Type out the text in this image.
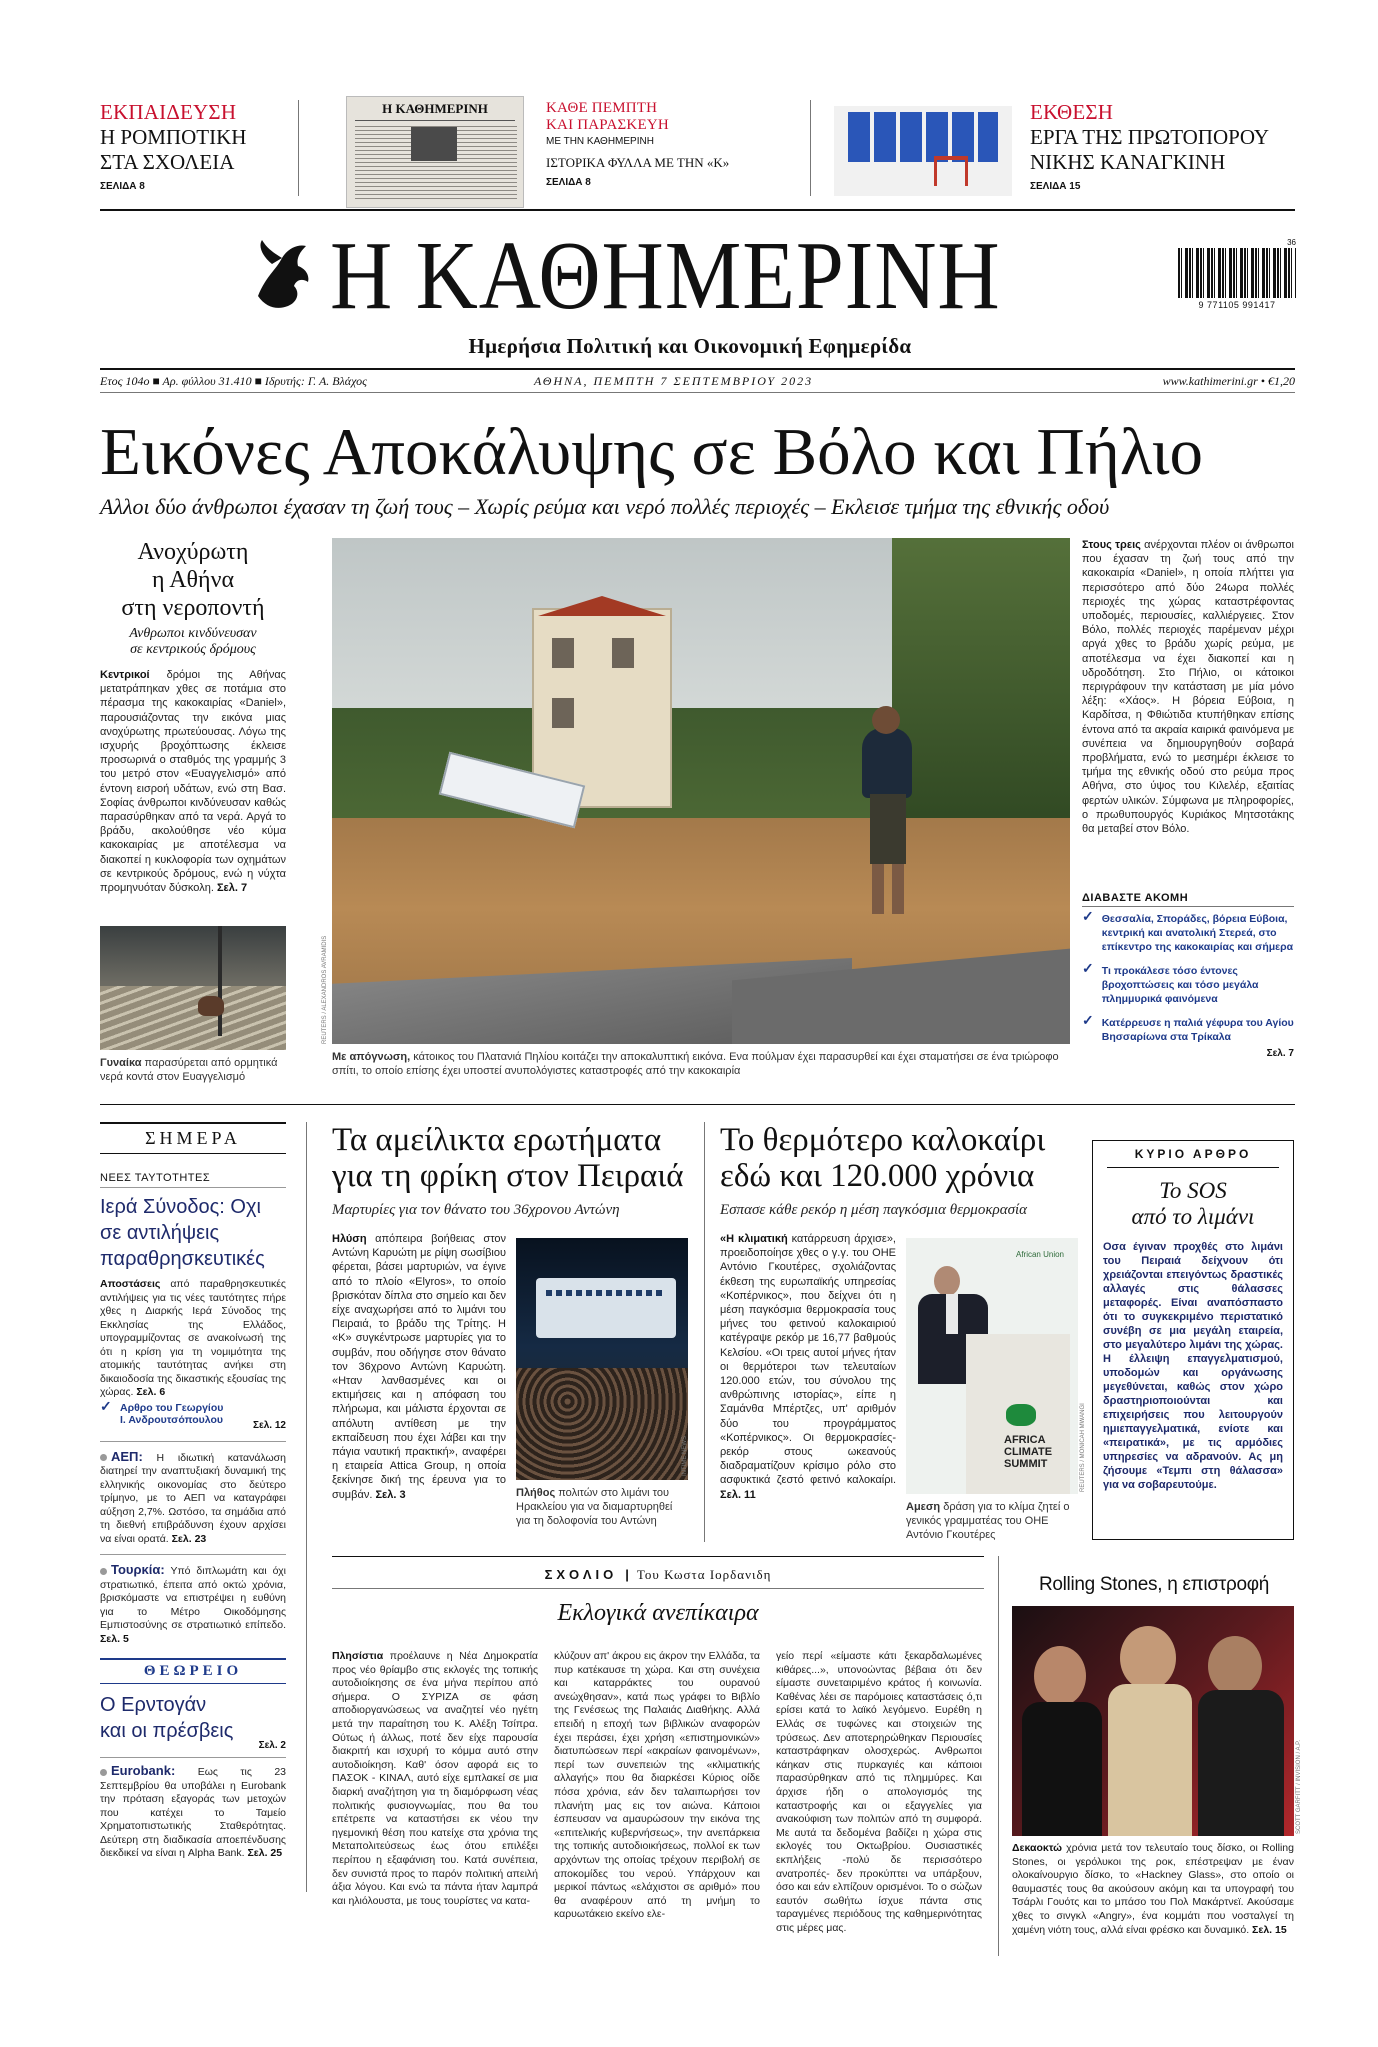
ΕΚΠΑΙΔΕΥΣΗ
Η ΡΟΜΠΟΤΙΚΗ
ΣΤΑ ΣΧΟΛΕΙΑ
ΣΕΛΙΔΑ 8
Η ΚΑΘΗΜΕΡΙΝΗ	ΚΑΘΕ ΠΕΜΠΤΗ
ΚΑΙ ΠΑΡΑΣΚΕΥΗ
ΜΕ ΤΗΝ ΚΑΘΗΜΕΡΙΝΗ
ΙΣΤΟΡΙΚΑ ΦΥΛΛΑ ΜΕ ΤΗΝ «Κ»
ΣΕΛΙΔΑ 8
ΕΚΘΕΣΗ
ΕΡΓΑ ΤΗΣ ΠΡΩΤΟΠΟΡΟΥ
ΝΙΚΗΣ ΚΑΝΑΓΚΙΝΗ
ΣΕΛΙΔΑ 15
Η ΚΑΘΗΜΕΡΙΝΗ
Ημερήσια Πολιτική και Οικονομική Εφημερίδα
36
9 771105 991417
Ετος 104ο ■ Αρ. φύλλου 31.410 ■ Ιδρυτής: Γ. Α. Βλάχος	ΑΘΗΝΑ, ΠΕΜΠΤΗ 7 ΣΕΠΤΕΜΒΡΙΟΥ 2023	www.kathimerini.gr • €1,20
Εικόνες Αποκάλυψης σε Βόλο και Πήλιο
Αλλοι δύο άνθρωποι έχασαν τη ζωή τους – Χωρίς ρεύμα και νερό πολλές περιοχές – Εκλεισε τμήμα της εθνικής οδού
Ανοχύρωτη
η Αθήνα
στη νεροποντή
Ανθρωποι κινδύνευσαν
σε κεντρικούς δρόμους

Κεντρικοί δρόμοι της Αθήνας μετατράπηκαν χθες σε ποτάμια στο πέρασμα της κακοκαιρίας «Daniel», παρουσιάζοντας την εικόνα μιας ανοχύρωτης πρωτεύουσας. Λόγω της ισχυρής βροχόπτωσης έκλεισε προσωρινά ο σταθμός της γραμμής 3 του μετρό στον «Ευαγγελισμό» από έντονη εισροή υδάτων, ενώ στη Βασ. Σοφίας άνθρωποι κινδύνευσαν καθώς παρασύρθηκαν από τα νερά. Αργά το βράδυ, ακολούθησε νέο κύμα κακοκαιρίας με αποτέλεσμα να διακοπεί η κυκλοφορία των οχημάτων σε κεντρικούς δρόμους, ενώ η νύχτα προμηνυόταν δύσκολη. Σελ. 7

Γυναίκα παρασύρεται από ορμητικά νερά κοντά στον Ευαγγελισμό
REUTERS / ALEXANDROS AVRAMIDIS
Με απόγνωση, κάτοικος του Πλατανιά Πηλίου κοιτάζει την αποκαλυπτική εικόνα. Ενα πούλμαν έχει παρασυρθεί και έχει σταματήσει σε ένα τριώροφο σπίτι, το οποίο επίσης έχει υποστεί ανυπολόγιστες καταστροφές από την κακοκαιρία

Στους τρεις ανέρχονται πλέον οι άνθρωποι που έχασαν τη ζωή τους από την κακοκαιρία «Daniel», η οποία πλήττει για περισσότερο από δύο 24ωρα πολλές περιοχές της χώρας καταστρέφοντας υποδομές, περιουσίες, καλλιέργειες. Στον Βόλο, πολλές περιοχές παρέμεναν μέχρι αργά χθες το βράδυ χωρίς ρεύμα, με αποτέλεσμα να έχει διακοπεί και η υδροδότηση. Στο Πήλιο, οι κάτοικοι περιγράφουν την κατάσταση με μία μόνο λέξη: «Χάος». Η βόρεια Εύβοια, η Καρδίτσα, η Φθιώτιδα κτυπήθηκαν επίσης έντονα από τα ακραία καιρικά φαινόμενα με συνέπεια να δημιουργηθούν σοβαρά προβλήματα, ενώ το μεσημέρι έκλεισε το τμήμα της εθνικής οδού στο ρεύμα προς Αθήνα, στο ύψος του Κιλελέρ, εξαιτίας φερτών υλικών. Σύμφωνα με πληροφορίες, ο πρωθυπουργός Κυριάκος Μητσοτάκης θα μεταβεί στον Βόλο.

ΔΙΑΒΑΣΤΕ ΑΚΟΜΗ
✓ Θεσσαλία, Σποράδες, βόρεια Εύβοια, κεντρική και ανατολική Στερεά, στο επίκεντρο της κακοκαιρίας και σήμερα
✓ Τι προκάλεσε τόσο έντονες βροχοπτώσεις και τόσο μεγάλα πλημμυρικά φαινόμενα
✓ Κατέρρευσε η παλιά γέφυρα του Αγίου Βησσαρίωνα στα Τρίκαλα
Σελ. 7
ΣΗΜΕΡΑ
ΝΕΕΣ ΤΑΥΤΟΤΗΤΕΣ
Ιερά Σύνοδος: Οχι
σε αντιλήψεις
παραθρησκευτικές

Αποστάσεις από παραθρησκευτικές αντιλήψεις για τις νέες ταυτότητες πήρε χθες η Διαρκής Ιερά Σύνοδος της Εκκλησίας της Ελλάδος, υπογραμμίζοντας σε ανακοίνωσή της ότι η κρίση για τη νομιμότητα της ατομικής ταυτότητας ανήκει στη δικαιοδοσία της δικαστικής εξουσίας της χώρας. Σελ. 6

✓ Αρθρο του Γεωργίου
Ι. Ανδρουτσόπουλου	Σελ. 12

ΑΕΠ: Η ιδιωτική κατανάλωση διατηρεί την αναπτυξιακή δυναμική της ελληνικής οικονομίας στο δεύτερο τρίμηνο, με το ΑΕΠ να καταγράφει αύξηση 2,7%. Ωστόσο, τα σημάδια από τη διεθνή επιβράδυνση έχουν αρχίσει να είναι ορατά. Σελ. 23

Τουρκία: Υπό διπλωμάτη και όχι στρατιωτικό, έπειτα από οκτώ χρόνια, βρισκόμαστε να επιστρέψει η ευθύνη για το Μέτρο Οικοδόμησης Εμπιστοσύνης σε στρατιωτικό επίπεδο. Σελ. 5

ΘΕΩΡΕΙΟ
Ο Ερντογάν
και οι πρέσβεις
Σελ. 2

Eurobank: Εως τις 23 Σεπτεμβρίου θα υποβάλει η Eurobank την πρόταση εξαγοράς των μετοχών που κατέχει το Ταμείο Χρηματοπιστωτικής Σταθερότητας. Δεύτερη στη διαδικασία αποεπένδυσης διεκδικεί να είναι η Alpha Bank. Σελ. 25

Τα αμείλικτα ερωτήματα
για τη φρίκη στον Πειραιά
Μαρτυρίες για τον θάνατο του 36χρονου Αντώνη

Ηλύση απόπειρα βοήθειας στον Αντώνη Καρυώτη με ρίψη σωσίβιου φέρεται, βάσει μαρτυριών, να έγινε από το πλοίο «Elyros», το οποίο βρισκόταν δίπλα στο σημείο και δεν είχε αναχωρήσει από το λιμάνι του Πειραιά, το βράδυ της Τρίτης. Η «Κ» συγκέντρωσε μαρτυρίες για το συμβάν, που οδήγησε στον θάνατο τον 36χρονο Αντώνη Καρυώτη. «Ηταν λανθασμένες και οι εκτιμήσεις και η απόφαση του πλήρωμα, και μάλιστα έρχονται σε απόλυτη αντίθεση με την εκπαίδευση που έχει λάβει και την πάγια ναυτική πρακτική», αναφέρει η εταιρεία Attica Group, η οποία ξεκίνησε δική της έρευνα για το συμβάν. Σελ. 3

INTIME NEWS
Πλήθος πολιτών στο λιμάνι του Ηρακλείου για να διαμαρτυρηθεί για τη δολοφονία του Αντώνη
Το θερμότερο καλοκαίρι
εδώ και 120.000 χρόνια
Εσπασε κάθε ρεκόρ η μέση παγκόσμια θερμοκρασία

«Η κλιματική κατάρρευση άρχισε», προειδοποίησε χθες ο γ.γ. του ΟΗΕ Αντόνιο Γκουτέρες, σχολιάζοντας έκθεση της ευρωπαϊκής υπηρεσίας «Κοπέρνικος», που δείχνει ότι η μέση παγκόσμια θερμοκρασία τους μήνες του φετινού καλοκαιριού κατέγραψε ρεκόρ με 16,77 βαθμούς Κελσίου. «Οι τρεις αυτοί μήνες ήταν οι θερμότεροι των τελευταίων 120.000 ετών, του σύνολου της ανθρώπινης ιστορίας», είπε η Σαμάνθα Μπέρτζες, υπ' αριθμόν δύο του προγράμματος «Κοπέρνικος». Οι θερμοκρασίες-ρεκόρ στους ωκεανούς διαδραματίζουν κρίσιμο ρόλο στο ασφυκτικά ζεστό φετινό καλοκαίρι. Σελ. 11

African Union
AFRICA
CLIMATE
SUMMIT	REUTERS / MONICAH MWANGI
Αμεση δράση για το κλίμα ζητεί ο γενικός γραμματέας του ΟΗΕ Αντόνιο Γκουτέρες
ΚΥΡΙΟ ΑΡΘΡΟ
Το SOS
από το λιμάνι

Οσα έγιναν προχθές στο λιμάνι του Πειραιά δείχνουν ότι χρειάζονται επειγόντως δραστικές αλλαγές στις θάλασσες μεταφορές. Είναι αναπόσπαστο ότι το συγκεκριμένο περιστατικό συνέβη σε μια μεγάλη εταιρεία, στο μεγαλύτερο λιμάνι της χώρας. Η έλλειψη επαγγελματισμού, υποδομών και οργάνωσης μεγεθύνεται, καθώς στον χώρο δραστηριοποιούνται και επιχειρήσεις που λειτουργούν ημιεπαγγελματικά, ενίοτε και «πειρατικά», με τις αρμόδιες υπηρεσίες να αδρανούν. Ας μη ζήσουμε «Τεμπι στη θάλασσα» για να σοβαρευτούμε.

ΣΧΟΛΙΟ | Του Κωστα Ιορδανιδη
Εκλογικά ανεπίκαιρα

Πλησίστια προέλαυνε η Νέα Δημοκρατία προς νέο θρίαμβο στις εκλογές της τοπικής αυτοδιοίκησης σε ένα μήνα περίπου από σήμερα. Ο ΣΥΡΙΖΑ σε φάση αποδιοργανώσεως να αναζητεί νέο ηγέτη μετά την παραίτηση του Κ. Αλέξη Τσίπρα. Ούτως ή άλλως, ποτέ δεν είχε παρουσία διακριτή και ισχυρή το κόμμα αυτό στην αυτοδιοίκηση. Καθ' όσον αφορά εις το ΠΑΣΟΚ - ΚΙΝΑΛ, αυτό είχε εμπλακεί σε μια διαρκή αναζήτηση για τη διαμόρφωση νέας πολιτικής φυσιογνωμίας, που θα του επέτρεπε να καταστήσει εκ νέου την ηγεμονική θέση που κατείχε στα χρόνια της Μεταπολιτεύσεως έως ότου επιλέξει περίπου η εξαφάνιση του. Κατά συνέπεια, δεν συνιστά προς το παρόν πολιτική απειλή άξια λόγου. Και ενώ τα πάντα ήταν λαμπρά και ηλιόλουστα, με τους τουρίστες να κατα-

κλύζουν απ' άκρου εις άκρον την Ελλάδα, τα πυρ κατέκαυσε τη χώρα. Και στη συνέχεια και καταρράκτες του ουρανού ανεώχθησαν», κατά πως γράφει το Βιβλίο της Γενέσεως της Παλαιάς Διαθήκης. Αλλά επειδή η εποχή των βιβλικών αναφορών έχει περάσει, έχει χρήση «επιστημονικών» διατυπώσεων περί «ακραίων φαινομένων», περί των συνεπειών της «κλιματικής αλλαγής» που θα διαρκέσει Κύριος οίδε πόσα χρόνια, εάν δεν ταλαιπωρήσει τον πλανήτη μας εις τον αιώνα. Κάποιοι έσπευσαν να αμαυρώσουν την εικόνα της «επιτελικής κυβερνήσεως», την ανεπάρκεια της τοπικής αυτοδιοικήσεως, πολλοί εκ των αρχόντων της οποίας τρέχουν περιβολή σε αποκομίδες του νερού. Υπάρχουν και μερικοί πάντως «ελάχιστοι σε αριθμό» που θα αναφέρουν από τη μνήμη το καρυωτάκειο εκείνο ελε-

γείο περί «είμαστε κάτι ξεκαρδαλωμένες κιθάρες...», υπονοώντας βέβαια ότι δεν είμαστε συνεταιριμένο κράτος ή κοινωνία. Καθένας λέει σε παρόμοιες καταστάσεις ό,τι ερίσει κατά το λαϊκό λεγόμενο. Ευρέθη η Ελλάς σε τυφώνες και στοιχειών της τρύσεως. Δεν αποτερηρώθηκαν Περιουσίες καταστράφηκαν ολοσχερώς. Ανθρωποι κάηκαν στις πυρκαγιές και κάποιοι παρασύρθηκαν από τις πλημμύρες. Και άρχισε ήδη ο απολογισμός της καταστροφής και οι εξαγγελίες για ανακούφιση των πολιτών από τη συμφορά. Με αυτά τα δεδομένα βαδίζει η χώρα στις εκλογές του Οκτωβρίου. Ουσιαστικές εκπλήξεις -πολύ δε περισσότερο ανατροπές- δεν προκύπτει να υπάρξουν, όσο και εάν ελπίζουν ορισμένοι. Το ο σώζων εαυτόν σωθήτω ίσχυε πάντα στις ταραγμένες περιόδους της καθημερινότητας στις μέρες μας.

Rolling Stones, η επιστροφή
SCOTT GARFITT / INVISION / A.P.

Δεκαοκτώ χρόνια μετά τον τελευταίο τους δίσκο, οι Rolling Stones, οι γερόλυκοι της ροκ, επέστρεψαν με έναν ολοκαίνουργιο δίσκο, το «Hackney Glass», στο οποίο οι θαυμαστές τους θα ακούσουν ακόμη και τα υπογραφή του Τσάρλι Γουότς και το μπάσο του Πολ Μακάρτνεϊ. Ακούσαμε χθες το σινγκλ «Angry», ένα κομμάτι που νοσταλγεί τη χαμένη νιότη τους, αλλά είναι φρέσκο και δυναμικό. Σελ. 15
